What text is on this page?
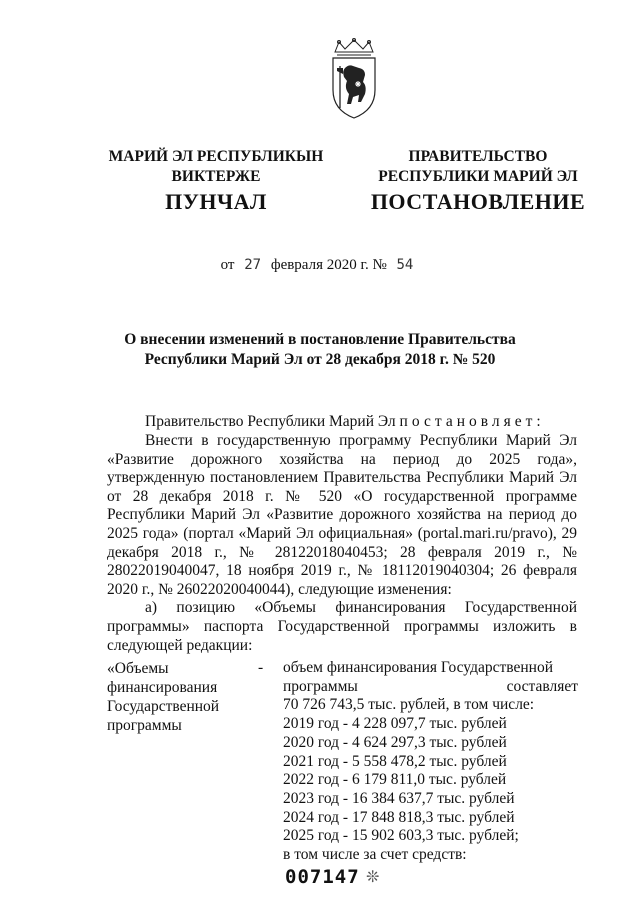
МАРИЙ ЭЛ РЕСПУБЛИКЫН
ВИКТЕРЖЕ
ПУНЧАЛ
ПРАВИТЕЛЬСТВО
РЕСПУБЛИКИ МАРИЙ ЭЛ
ПОСТАНОВЛЕНИЕ
от 27 февраля 2020 г. № 54
О внесении изменений в постановление Правительства
Республики Марий Эл от 28 декабря 2018 г. № 520
Правительство Республики Марий Эл постановляет:

Внести в государственную программу Республики Марий Эл «Развитие дорожного хозяйства на период до 2025 года», утвержденную постановлением Правительства Республики Марий Эл от 28 декабря 2018 г. № 520 «О государственной программе Республики Марий Эл «Развитие дорожного хозяйства на период до 2025 года» (портал «Марий Эл официальная» (portal.mari.ru/pravo), 29 декабря 2018 г., № 28122018040453; 28 февраля 2019 г., № 28022019040047, 18 ноября 2019 г., № 18112019040304; 26 февраля 2020 г., № 26022020040044), следующие изменения:

а) позицию «Объемы финансирования Государственной программы» паспорта Государственной программы изложить в следующей редакции:

«Объемы
финансирования
Государственной
программы
- объем финансирования Государственной
программы	составляет
70 726 743,5 тыс. рублей, в том числе:
2019 год - 4 228 097,7 тыс. рублей
2020 год - 4 624 297,3 тыс. рублей
2021 год - 5 558 478,2 тыс. рублей
2022 год - 6 179 811,0 тыс. рублей
2023 год - 16 384 637,7 тыс. рублей
2024 год - 17 848 818,3 тыс. рублей
2025 год - 15 902 603,3 тыс. рублей;
в том числе за счет средств:
007147 ❊
